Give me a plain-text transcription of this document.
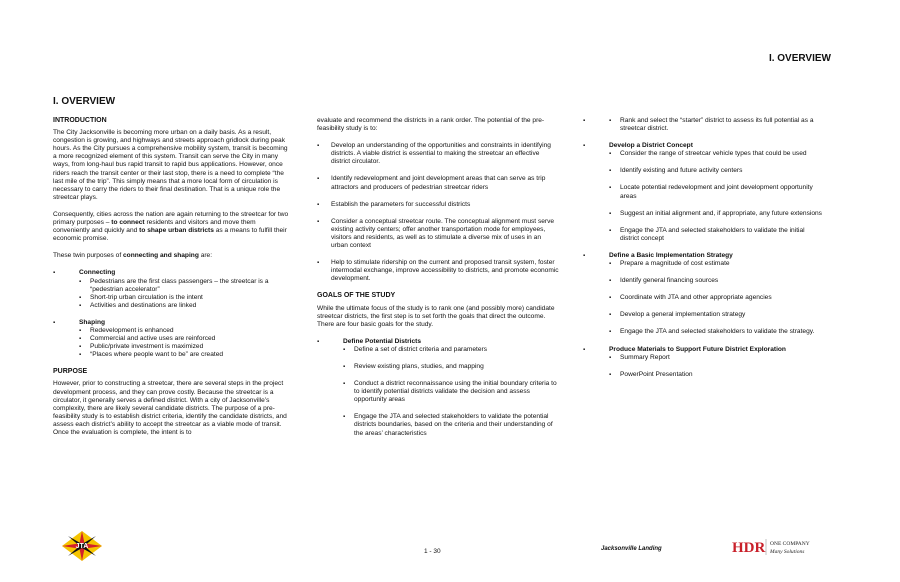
I. OVERVIEW
I. OVERVIEW
INTRODUCTION

The City Jacksonville is becoming more urban on a daily basis. As a result, congestion is growing, and highways and streets approach gridlock during peak hours. As the City pursues a comprehensive mobility system, transit is becoming a more recognized element of this system. Transit can serve the City in many ways, from long-haul bus rapid transit to rapid bus applications. However, once riders reach the transit center or their last stop, there is a need to complete “the last mile of the trip”. This simply means that a more local form of circulation is necessary to carry the riders to their final destination. That is a unique role the streetcar plays.

Consequently, cities across the nation are again returning to the streetcar for two primary purposes – to connect residents and visitors and move them conveniently and quickly and to shape urban districts as a means to fulfill their economic promise.

These twin purposes of connecting and shaping are:

▪ Connecting
▪ Pedestrians are the first class passengers – the streetcar is a “pedestrian accelerator”
▪ Short-trip urban circulation is the intent
▪ Activities and destinations are linked
▪ Shaping
▪ Redevelopment is enhanced
▪ Commercial and active uses are reinforced
▪ Public/private investment is maximized
▪ “Places where people want to be” are created
PURPOSE

However, prior to constructing a streetcar, there are several steps in the project development process, and they can prove costly. Because the streetcar is a circulator, it generally serves a defined district. With a city of Jacksonville’s complexity, there are likely several candidate districts. The purpose of a pre-feasibility study is to establish district criteria, identify the candidate districts, and assess each district’s ability to accept the streetcar as a viable mode of transit. Once the evaluation is complete, the intent is to

evaluate and recommend the districts in a rank order. The potential of the pre-feasibility study is to:

▪ Develop an understanding of the opportunities and constraints in identifying districts. A viable district is essential to making the streetcar an effective district circulator.
▪ Identify redevelopment and joint development areas that can serve as trip attractors and producers of pedestrian streetcar riders
▪ Establish the parameters for successful districts
▪ Consider a conceptual streetcar route. The conceptual alignment must serve existing activity centers; offer another transportation mode for employees, visitors and residents, as well as to stimulate a diverse mix of uses in an urban context
▪ Help to stimulate ridership on the current and proposed transit system, foster intermodal exchange, improve accessibility to districts, and promote economic development.
GOALS OF THE STUDY

While the ultimate focus of the study is to rank one (and possibly more) candidate streetcar districts, the first step is to set forth the goals that direct the outcome. There are four basic goals for the study.

▪ Define Potential Districts
▪ Define a set of district criteria and parameters
▪ Review existing plans, studies, and mapping
▪ Conduct a district reconnaissance using the initial boundary criteria to to identify potential districts validate the decision and assess opportunity areas
▪ Engage the JTA and selected stakeholders to validate the potential districts boundaries, based on the criteria and their understanding of the areas’ characteristics
▪ ▪ Rank and select the “starter” district to assess its full potential as a streetcar district.
▪ Develop a District Concept
▪ Consider the range of streetcar vehicle types that could be used
▪ Identify existing and future activity centers
▪ Locate potential redevelopment and joint development opportunity areas
▪ Suggest an initial alignment and, if appropriate, any future extensions
▪ Engage the JTA and selected stakeholders to validate the initial district concept
▪ Define a Basic Implementation Strategy
▪ Prepare a magnitude of cost estimate
▪ Identify general financing sources
▪ Coordinate with JTA and other appropriate agencies
▪ Develop a general implementation strategy
▪ Engage the JTA and selected stakeholders to validate the strategy.
▪ Produce Materials to Support Future District Exploration
▪ Summary Report
▪ PowerPoint Presentation
JTA
1 - 30	Jacksonville Landing	HDR ONE COMPANY
Many Solutions
